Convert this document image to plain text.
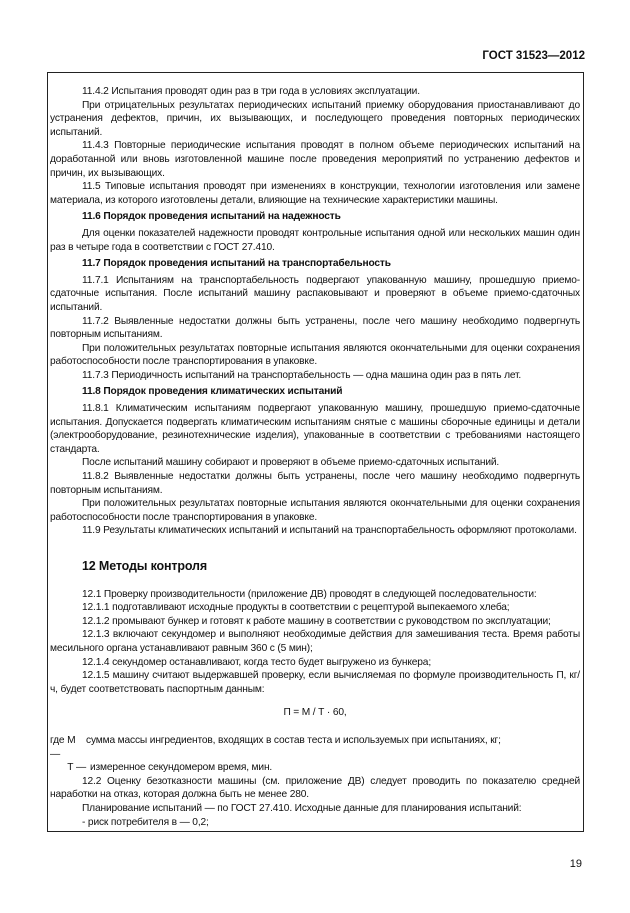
ГОСТ 31523—2012

11.4.2 Испытания проводят один раз в три года в условиях эксплуатации.

При отрицательных результатах периодических испытаний приемку оборудования приостанавливают до устранения дефектов, причин, их вызывающих, и последующего проведения повторных периодических испытаний.

11.4.3 Повторные периодические испытания проводят в полном объеме периодических испытаний на доработанной или вновь изготовленной машине после проведения мероприятий по устранению дефектов и причин, их вызывающих.

11.5 Типовые испытания проводят при изменениях в конструкции, технологии изготовления или замене материала, из которого изготовлены детали, влияющие на технические характеристики машины.

11.6 Порядок проведения испытаний на надежность

Для оценки показателей надежности проводят контрольные испытания одной или нескольких машин один раз в четыре года в соответствии с ГОСТ 27.410.

11.7 Порядок проведения испытаний на транспортабельность

11.7.1 Испытаниям на транспортабельность подвергают упакованную машину, прошедшую приемо-сдаточные испытания. После испытаний машину распаковывают и проверяют в объеме приемо-сдаточных испытаний.

11.7.2 Выявленные недостатки должны быть устранены, после чего машину необходимо подвергнуть повторным испытаниям.

При положительных результатах повторные испытания являются окончательными для оценки сохранения работоспособности после транспортирования в упаковке.

11.7.3 Периодичность испытаний на транспортабельность — одна машина один раз в пять лет.

11.8 Порядок проведения климатических испытаний

11.8.1 Климатическим испытаниям подвергают упакованную машину, прошедшую приемо-сдаточные испытания. Допускается подвергать климатическим испытаниям снятые с машины сборочные единицы и детали (электрооборудование, резинотехнические изделия), упакованные в соответствии с требованиями настоящего стандарта.

После испытаний машину собирают и проверяют в объеме приемо-сдаточных испытаний.

11.8.2 Выявленные недостатки должны быть устранены, после чего машину необходимо подвергнуть повторным испытаниям.

При положительных результатах повторные испытания являются окончательными для оценки сохранения работоспособности после транспортирования в упаковке.

11.9 Результаты климатических испытаний и испытаний на транспортабельность оформляют протоколами.

12 Методы контроля

12.1 Проверку производительности (приложение ДВ) проводят в следующей последовательности:

12.1.1 подготавливают исходные продукты в соответствии с рецептурой выпекаемого хлеба;

12.1.2 промывают бункер и готовят к работе машину в соответствии с руководством по эксплуатации;

12.1.3 включают секундомер и выполняют необходимые действия для замешивания теста. Время работы месильного органа устанавливают равным 360 с (5 мин);

12.1.4 секундомер останавливают, когда тесто будет выгружено из бункера;

12.1.5 машину считают выдержавшей проверку, если вычисляемая по формуле производительность П, кг/ч, будет соответствовать паспортным данным:

П = М / Т · 60,

где М —
сумма массы ингредиентов, входящих в состав теста и используемых при испытаниях, кг;
Т — измеренное секундомером время, мин.

12.2 Оценку безотказности машины (см. приложение ДВ) следует проводить по показателю средней наработки на отказ, которая должна быть не менее 280.

Планирование испытаний — по ГОСТ 27.410. Исходные данные для планирования испытаний:

- риск потребителя в — 0,2;

19
